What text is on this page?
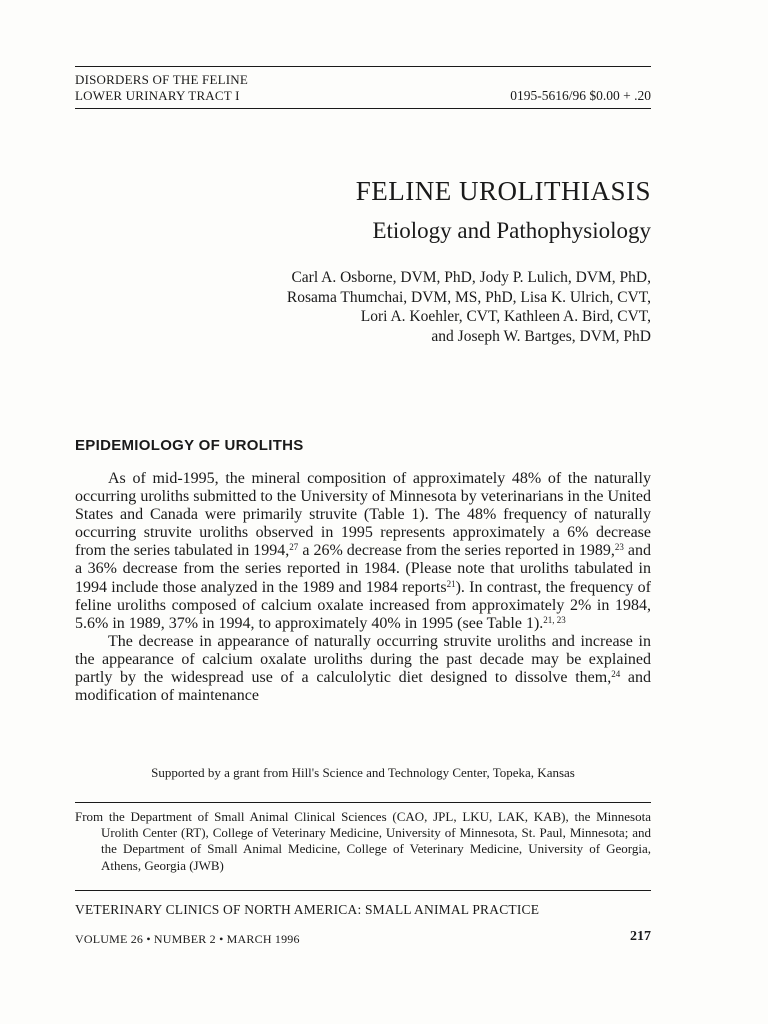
DISORDERS OF THE FELINE
LOWER URINARY TRACT I	0195-5616/96 $0.00 + .20
FELINE UROLITHIASIS
Etiology and Pathophysiology
Carl A. Osborne, DVM, PhD, Jody P. Lulich, DVM, PhD,
Rosama Thumchai, DVM, MS, PhD, Lisa K. Ulrich, CVT,
Lori A. Koehler, CVT, Kathleen A. Bird, CVT,
and Joseph W. Bartges, DVM, PhD
EPIDEMIOLOGY OF UROLITHS

As of mid-1995, the mineral composition of approximately 48% of the naturally occurring uroliths submitted to the University of Minnesota by veterinarians in the United States and Canada were primarily struvite (Table 1). The 48% frequency of naturally occurring struvite uroliths observed in 1995 represents approximately a 6% decrease from the series tabulated in 1994,27 a 26% decrease from the series reported in 1989,23 and a 36% decrease from the series reported in 1984. (Please note that uroliths tabulated in 1994 include those analyzed in the 1989 and 1984 reports$^{21}$). In contrast, the frequency of feline uroliths composed of calcium oxalate increased from approximately 2% in 1984, 5.6% in 1989, 37% in 1994, to approximately 40% in 1995 (see Table 1).$^{21, 23}$

The decrease in appearance of naturally occurring struvite uroliths and increase in the appearance of calcium oxalate uroliths during the past decade may be explained partly by the widespread use of a calculolytic diet designed to dissolve them,$^{24}$ and modification of maintenance

Supported by a grant from Hill's Science and Technology Center, Topeka, Kansas

From the Department of Small Animal Clinical Sciences (CAO, JPL, LKU, LAK, KAB), the Minnesota Urolith Center (RT), College of Veterinary Medicine, University of Minnesota, St. Paul, Minnesota; and the Department of Small Animal Medicine, College of Veterinary Medicine, University of Georgia, Athens, Georgia (JWB)

VETERINARY CLINICS OF NORTH AMERICA: SMALL ANIMAL PRACTICE
VOLUME 26 • NUMBER 2 • MARCH 1996	217
